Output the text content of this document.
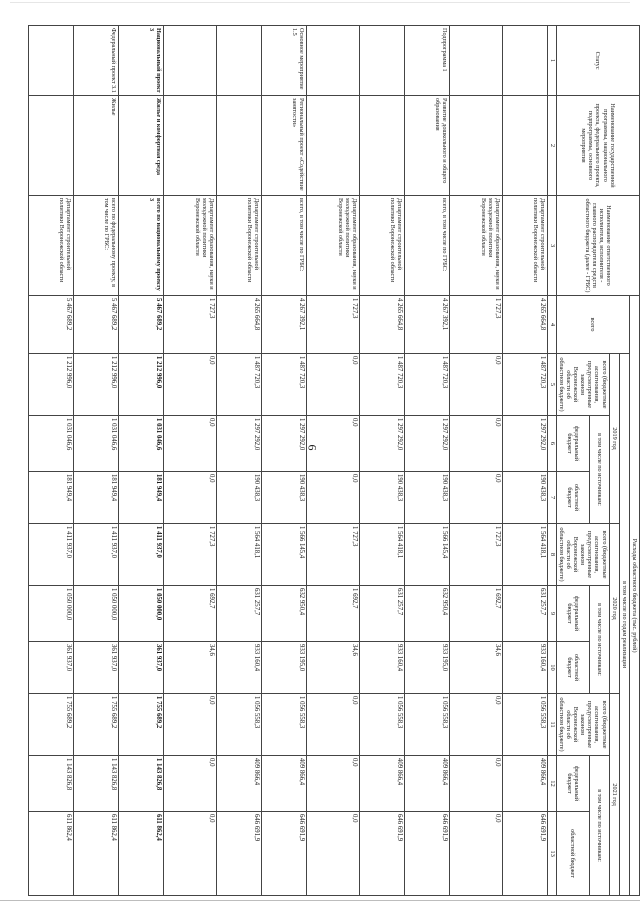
6
Статус	Наименование государственной программы, национального проекта, федерального проекта, подпрограммы, основного мероприятия	Наименование ответственного исполнителя, исполнителя - главного распорядителя средств областного бюджета (далее - ГРБС)	Расходы областного бюджета (тыс. рублей)									
			всего	в том числе по годам реализации								
				2019 год			2020 год			2021 год		
				всего (бюджетные ассигнования, предусмотренные законом Воронежской области об областном бюджете)	в том числе по источникам:		всего (бюджетные ассигнования, предусмотренные законом Воронежской области об областном бюджете)	в том числе по источникам:		всего (бюджетные ассигнования, предусмотренные законом Воронежской области об областном бюджете)	в том числе по источникам:	
					федеральный бюджет	областной бюджет		федеральный бюджет	областной бюджет		федеральный бюджет	областной бюджет
1	2	3	4	5	6	7	8	9	10	11	12	13
		Департамент строительной политики Воронежской области	4 265 664,8	1 487 720,3	1 297 292,0	190 438,3	1 564 418,1	631 257,7	933 160,4	1 056 558,3	409 866,4	646 691,9
		Департамент образования, науки и молодежной политики Воронежской области	1 727,3	0,0	0,0	0,0	1 727,3	1 692,7	34,6	0,0	0,0	0,0
Подпрограмма 1	Развитие дошкольного и общего образования	всего, в том числе по ГРБС:	4 267 392,1	1 487 720,3	1 297 292,0	190 438,3	1 566 145,4	632 950,4	933 195,0	1 056 558,3	409 866,4	646 691,9
		Департамент строительной политики Воронежской области	4 265 664,8	1 487 720,3	1 297 292,0	190 438,3	1 564 418,1	631 257,7	933 160,4	1 056 558,3	409 866,4	646 691,9
		Департамент образования, науки и молодежной политики Воронежской области	1 727,3	0,0	0,0	0,0	1 727,3	1 692,7	34,6	0,0	0,0	0,0
Основное мероприятие 1.5	Региональный проект «Содействие занятости»	всего, в том числе по ГРБС:	4 267 392,1	1 487 720,3	1 297 292,0	190 438,3	1 566 145,4	632 950,4	933 195,0	1 056 558,3	409 866,4	646 691,9
		Департамент строительной политики Воронежской области	4 265 664,8	1 487 720,3	1 297 292,0	190 438,3	1 564 418,1	631 257,7	933 160,4	1 056 558,3	409 866,4	646 691,9
		Департамент образования, науки и молодежной политики Воронежской области	1 727,3	0,0	0,0	0,0	1 727,3	1 692,7	34,6	0,0	0,0	0,0
Национальный проект 3	Жилье и комфортная среда	всего по национальному проекту 3	5 467 689,2	1 212 996,0	1 031 046,6	181 949,4	1 411 937,0	1 050 000,0	361 937,0	1 755 689,2	1 143 826,8	611 862,4
Федеральный проект 3.1	Жилье	всего по федеральному проекту, в том числе по ГРБС:	5 467 689,2	1 212 996,0	1 031 046,6	181 949,4	1 411 937,0	1 050 000,0	361 937,0	1 755 689,2	1 143 826,8	611 862,4
		Департамент строительной политики Воронежской области	5 467 689,2	1 212 996,0	1 031 046,6	181 949,4	1 411 937,0	1 050 000,0	361 937,0	1 755 689,2	1 143 826,8	611 862,4
